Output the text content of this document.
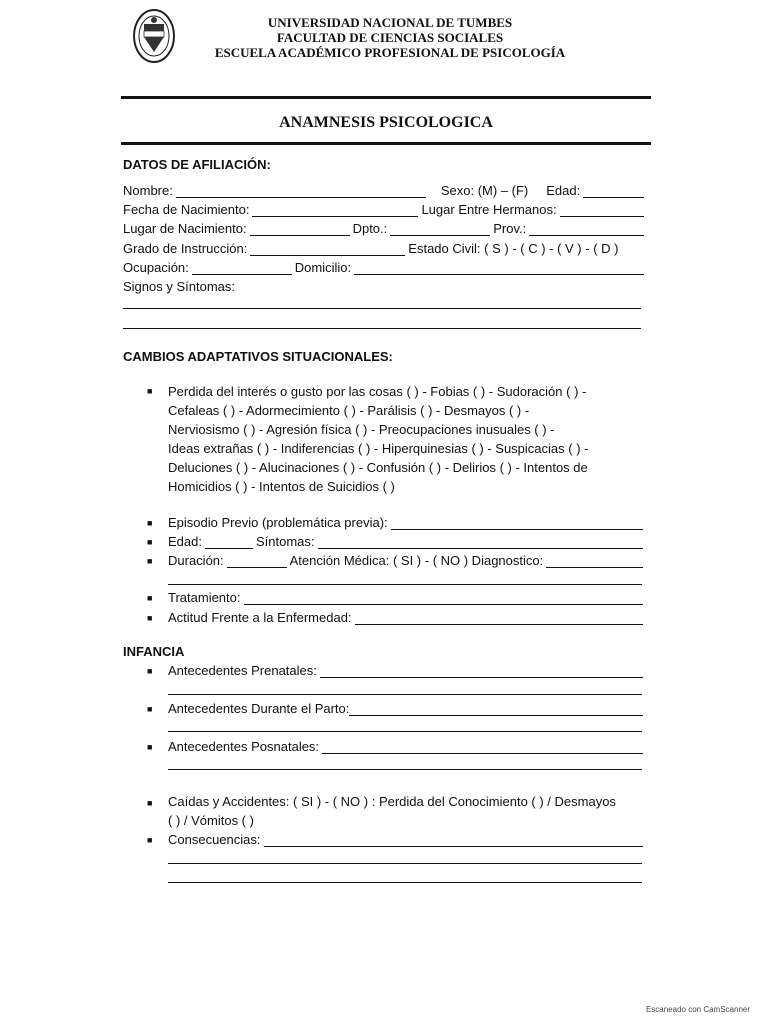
UNIVERSIDAD NACIONAL DE TUMBES
FACULTAD DE CIENCIAS SOCIALES
ESCUELA ACADÉMICO PROFESIONAL DE PSICOLOGÍA
ANAMNESIS PSICOLOGICA
DATOS DE AFILIACIÓN:
Nombre:	Sexo: (M) – (F) Edad:
Fecha de Nacimiento:	Lugar Entre Hermanos:
Lugar de Nacimiento:	Dpto.:	Prov.:
Grado de Instrucción:	Estado Civil: ( S ) - ( C ) - ( V ) - ( D )
Ocupación:	Domicilio:
Signos y Síntomas:
CAMBIOS ADAPTATIVOS SITUACIONALES:
■ Perdida del interés o gusto por las cosas ( ) - Fobias ( ) - Sudoración ( ) -
Cefaleas ( ) - Adormecimiento ( ) - Parálisis ( ) - Desmayos ( ) -
Nerviosismo ( ) - Agresión física ( ) - Preocupaciones inusuales ( ) -
Ideas extrañas ( ) - Indiferencias ( ) - Hiperquinesias ( ) - Suspicacias ( ) -
Deluciones ( ) - Alucinaciones ( ) - Confusión ( ) - Delirios ( ) - Intentos de
Homicidios ( ) - Intentos de Suicidios ( )
■ Episodio Previo (problemática previa):
■ Edad:	Síntomas:
■ Duración:	Atención Médica: ( SI ) - ( NO ) Diagnostico:
■ Tratamiento:
■ Actitud Frente a la Enfermedad:
INFANCIA
■ Antecedentes Prenatales:
■ Antecedentes Durante el Parto:
■ Antecedentes Posnatales:
■ Caídas y Accidentes: ( SI ) - ( NO ) : Perdida del Conocimiento ( ) / Desmayos
( ) / Vómitos ( )
■ Consecuencias:
Escaneado con CamScanner
